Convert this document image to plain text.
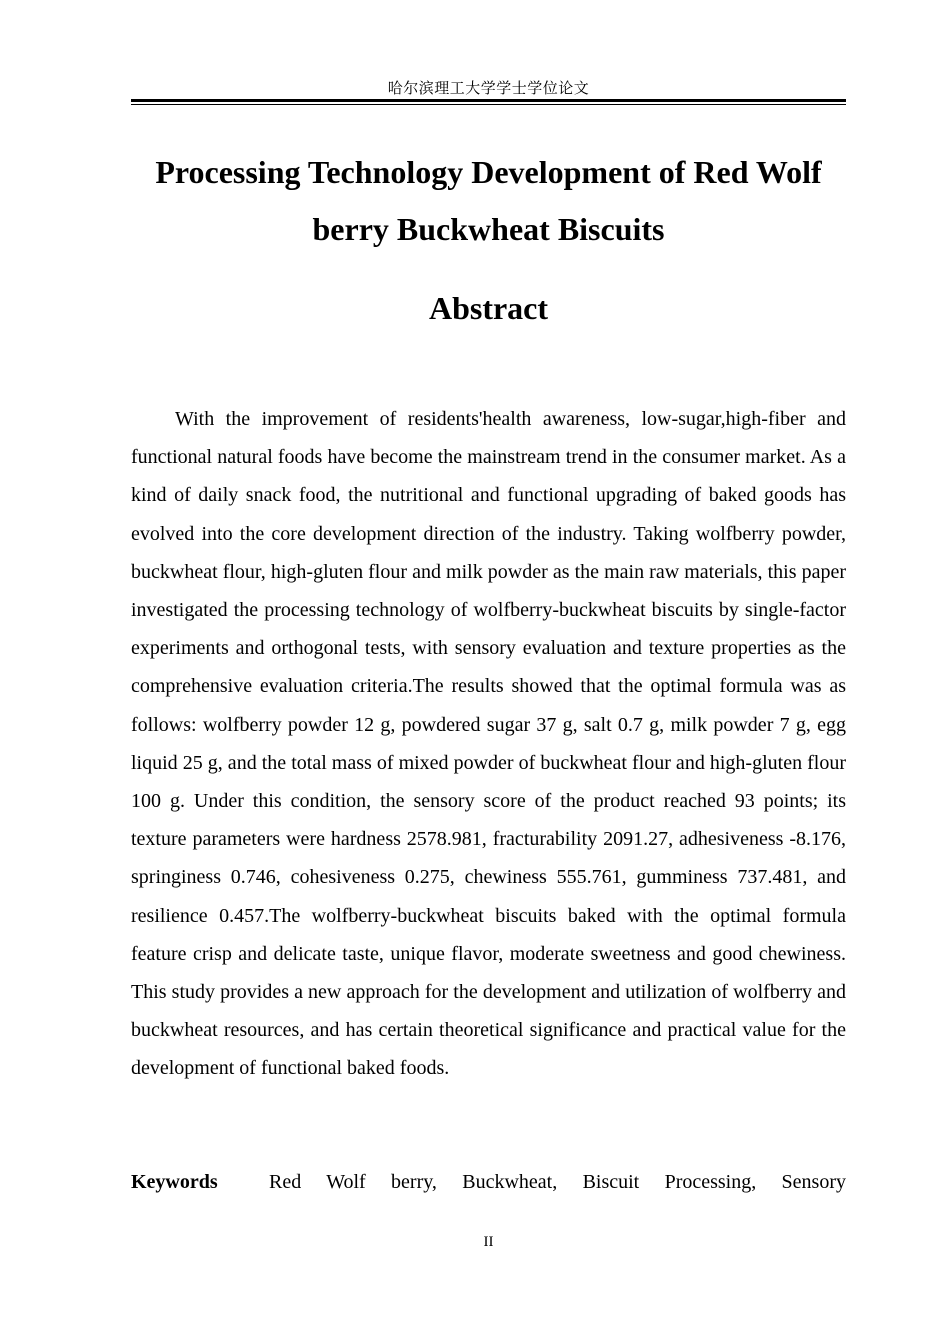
哈尔滨理工大学学士学位论文
Processing Technology Development of Red Wolf berry Buckwheat Biscuits
Abstract

With the improvement of residents'health awareness, low-sugar,high-fiber and functional natural foods have become the mainstream trend in the consumer market. As a kind of daily snack food, the nutritional and functional upgrading of baked goods has evolved into the core development direction of the industry. Taking wolfberry powder, buckwheat flour, high-gluten flour and milk powder as the main raw materials, this paper investigated the processing technology of wolfberry-buckwheat biscuits by single-factor experiments and orthogonal tests, with sensory evaluation and texture properties as the comprehensive evaluation criteria.The results showed that the optimal formula was as follows: wolfberry powder 12 g, powdered sugar 37 g, salt 0.7 g, milk powder 7 g, egg liquid 25 g, and the total mass of mixed powder of buckwheat flour and high-gluten flour 100 g. Under this condition, the sensory score of the product reached 93 points; its texture parameters were hardness 2578.981, fracturability 2091.27, adhesiveness -8.176, springiness 0.746, cohesiveness 0.275, chewiness 555.761, gumminess 737.481, and resilience 0.457.The wolfberry-buckwheat biscuits baked with the optimal formula feature crisp and delicate taste, unique flavor, moderate sweetness and good chewiness. This study provides a new approach for the development and utilization of wolfberry and buckwheat resources, and has certain theoretical significance and practical value for the development of functional baked foods.

Keywords	Red Wolf berry, Buckwheat, Biscuit Processing, Sensory
II
